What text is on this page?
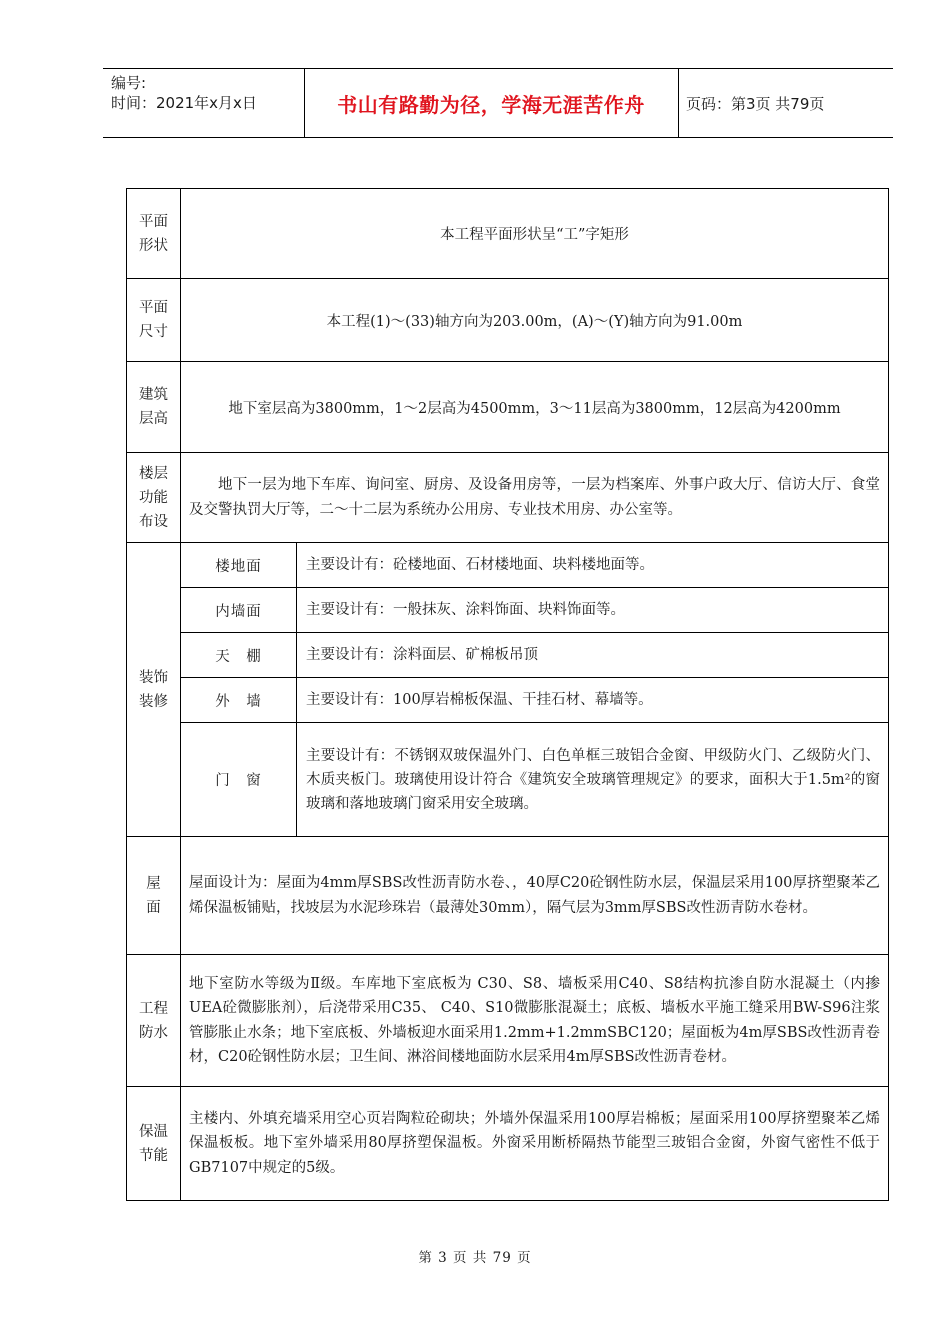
编号:
时间：2021年x月x日	书山有路勤为径，学海无涯苦作舟	页码：第3页 共79页
平面
形状	本工程平面形状呈“工”字矩形	
平面
尺寸	本工程(1)～(33)轴方向为203.00m，(A)～(Y)轴方向为91.00m	
建筑
层高	地下室层高为3800mm，1～2层高为4500mm，3～11层高为3800mm，12层高为4200mm	
楼层
功能
布设	地下一层为地下车库、询问室、厨房、及设备用房等，一层为档案库、外事户政大厅、信访大厅、食堂及交警执罚大厅等，二～十二层为系统办公用房、专业技术用房、办公室等。	
装饰
装修	楼地面	主要设计有：砼楼地面、石材楼地面、块料楼地面等。
	内墙面	主要设计有：一般抹灰、涂料饰面、块料饰面等。
	天　棚	主要设计有：涂料面层、矿棉板吊顶
	外　墙	主要设计有：100厚岩棉板保温、干挂石材、幕墙等。
	门　窗	主要设计有：不锈钢双玻保温外门、白色单框三玻铝合金窗、甲级防火门、乙级防火门、木质夹板门。玻璃使用设计符合《建筑安全玻璃管理规定》的要求，面积大于1.5m²的窗玻璃和落地玻璃门窗采用安全玻璃。
屋
面	屋面设计为：屋面为4mm厚SBS改性沥青防水卷、，40厚C20砼钢性防水层，保温层采用100厚挤塑聚苯乙烯保温板铺贴，找坡层为水泥珍珠岩（最薄处30mm），隔气层为3mm厚SBS改性沥青防水卷材。	
工程
防水	地下室防水等级为Ⅱ级。车库地下室底板为 C30、S8、墙板采用C40、S8结构抗渗自防水混凝土（内掺UEA砼微膨胀剂），后浇带采用C35、 C40、S10微膨胀混凝土；底板、墙板水平施工缝采用BW-S96注浆管膨胀止水条；地下室底板、外墙板迎水面采用1.2mm+1.2mmSBC120；屋面板为4m厚SBS改性沥青卷材，C20砼钢性防水层；卫生间、淋浴间楼地面防水层采用4m厚SBS改性沥青卷材。	
保温
节能	主楼内、外填充墙采用空心页岩陶粒砼砌块；外墙外保温采用100厚岩棉板；屋面采用100厚挤塑聚苯乙烯保温板板。地下室外墙采用80厚挤塑保温板。外窗采用断桥隔热节能型三玻铝合金窗，外窗气密性不低于GB7107中规定的5级。	
第 3 页 共 79 页
